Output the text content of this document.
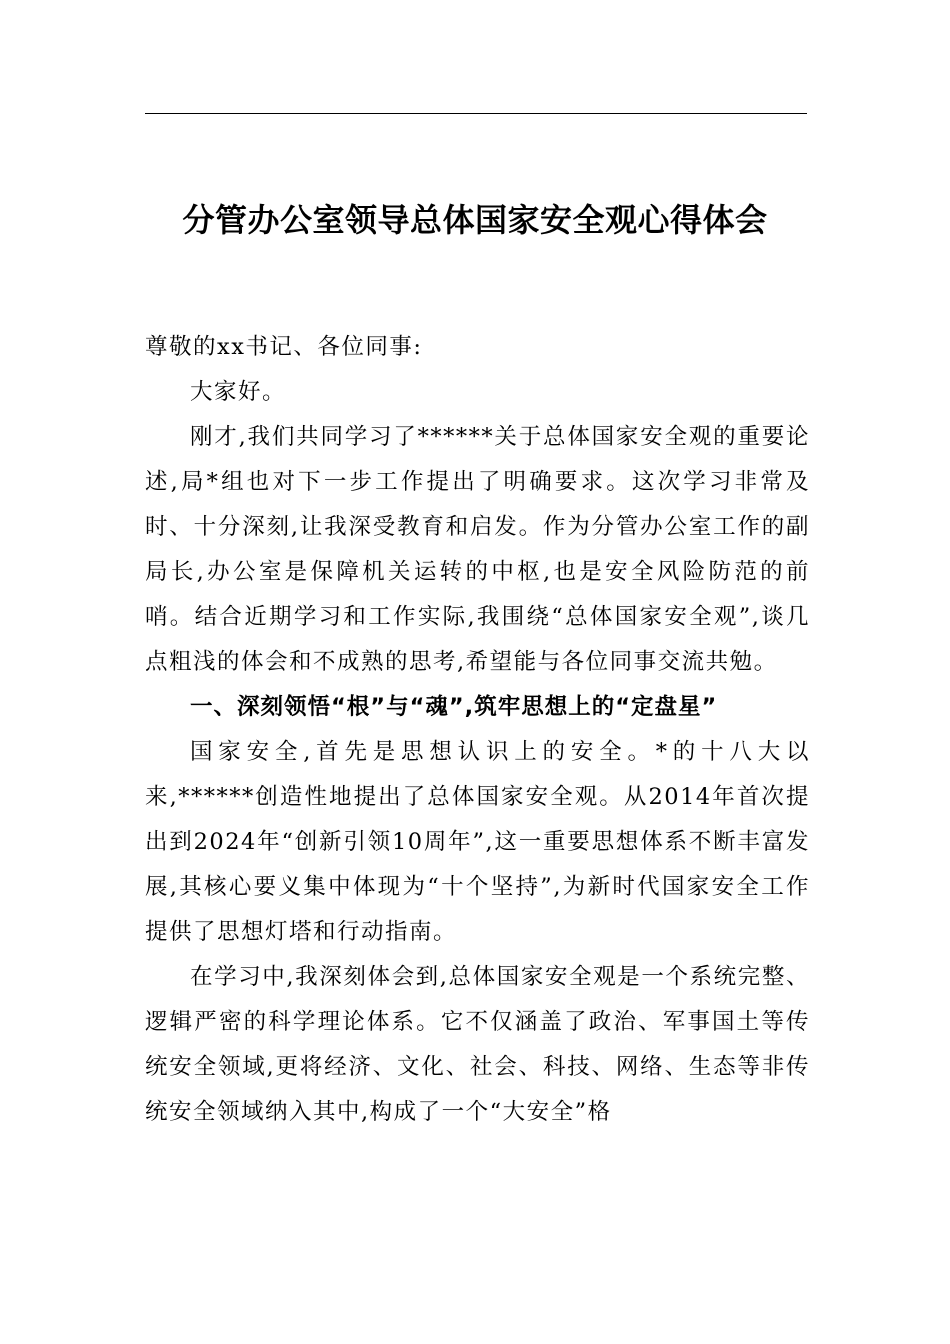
分管办公室领导总体国家安全观心得体会

尊敬的xx书记、各位同事:

大家好。

刚才,我们共同学习了******关于总体国家安全观的重要论述,局*组也对下一步工作提出了明确要求。这次学习非常及时、十分深刻,让我深受教育和启发。作为分管办公室工作的副局长,办公室是保障机关运转的中枢,也是安全风险防范的前哨。结合近期学习和工作实际,我围绕“总体国家安全观”,谈几点粗浅的体会和不成熟的思考,希望能与各位同事交流共勉。

一、深刻领悟“根”与“魂”,筑牢思想上的“定盘星”

国家安全,首先是思想认识上的安全。*的十八大以来,******创造性地提出了总体国家安全观。从2014年首次提出到2024年“创新引领10周年”,这一重要思想体系不断丰富发展,其核心要义集中体现为“十个坚持”,为新时代国家安全工作提供了思想灯塔和行动指南。

在学习中,我深刻体会到,总体国家安全观是一个系统完整、逻辑严密的科学理论体系。它不仅涵盖了政治、军事国土等传统安全领域,更将经济、文化、社会、科技、网络、生态等非传统安全领域纳入其中,构成了一个“大安全”格
